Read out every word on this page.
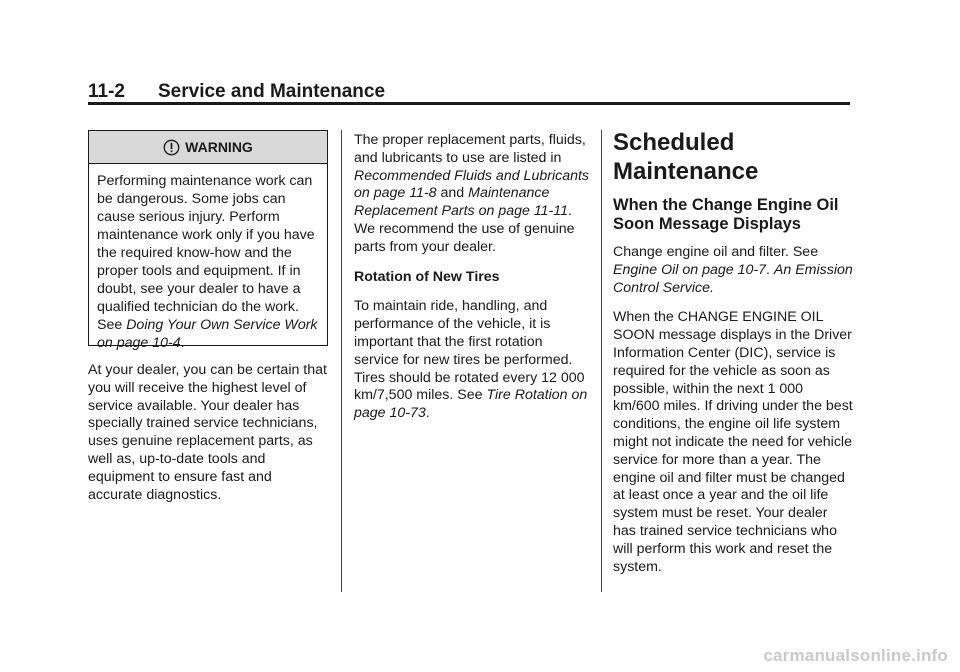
11-2 Service and Maintenance
WARNING
Performing maintenance work can be dangerous. Some jobs can cause serious injury. Perform maintenance work only if you have the required know-how and the proper tools and equipment. If in doubt, see your dealer to have a qualified technician do the work. See Doing Your Own Service Work on page 10-4.

At your dealer, you can be certain that you will receive the highest level of service available. Your dealer has specially trained service technicians, uses genuine replacement parts, as well as, up-to-date tools and equipment to ensure fast and accurate diagnostics.

The proper replacement parts, fluids, and lubricants to use are listed in Recommended Fluids and Lubricants on page 11-8 and Maintenance Replacement Parts on page 11-11. We recommend the use of genuine parts from your dealer.

Rotation of New Tires

To maintain ride, handling, and performance of the vehicle, it is important that the first rotation service for new tires be performed. Tires should be rotated every 12 000 km/7,500 miles. See Tire Rotation on page 10-73.

Scheduled Maintenance
When the Change Engine Oil Soon Message Displays

Change engine oil and filter. See Engine Oil on page 10-7. An Emission Control Service.

When the CHANGE ENGINE OIL SOON message displays in the Driver Information Center (DIC), service is required for the vehicle as soon as possible, within the next 1 000 km/600 miles. If driving under the best conditions, the engine oil life system might not indicate the need for vehicle service for more than a year. The engine oil and filter must be changed at least once a year and the oil life system must be reset. Your dealer has trained service technicians who will perform this work and reset the system.

carmanualsonline.info
